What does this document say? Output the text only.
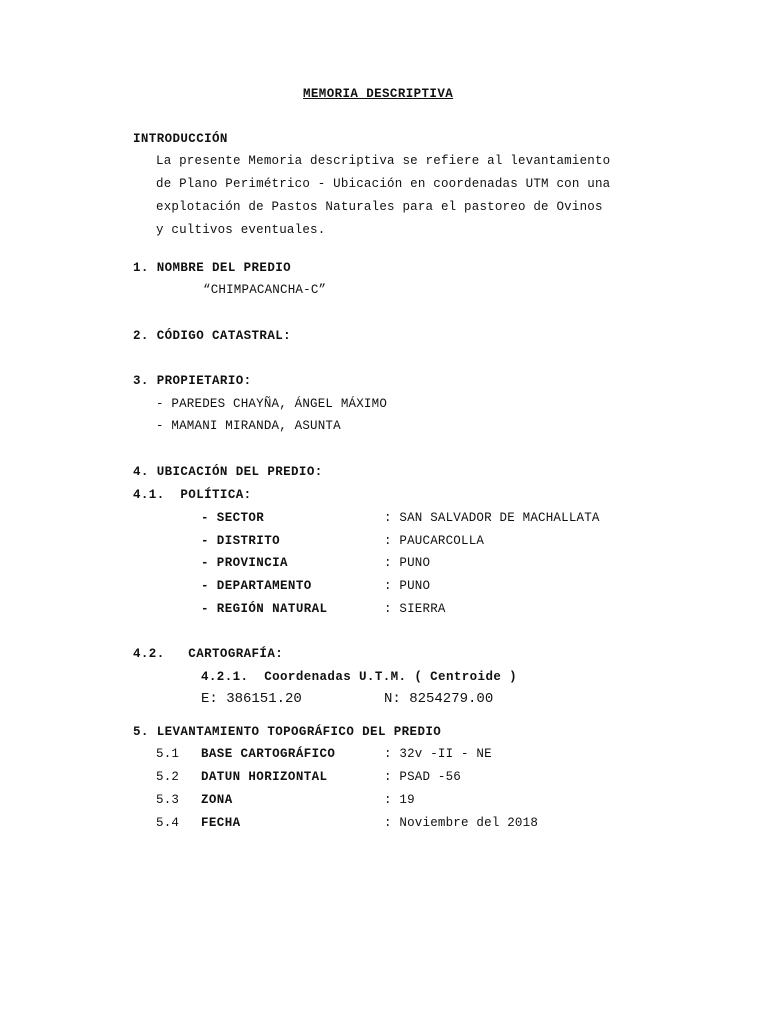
MEMORIA DESCRIPTIVA
INTRODUCCIÓN
La presente Memoria descriptiva se refiere al levantamiento
de Plano Perimétrico - Ubicación en coordenadas UTM con una
explotación de Pastos Naturales para el pastoreo de Ovinos
y cultivos eventuales.
1. NOMBRE DEL PREDIO
“CHIMPACANCHA-C”
2. CÓDIGO CATASTRAL:
3. PROPIETARIO:
- PAREDES CHAYÑA, ÁNGEL MÁXIMO
- MAMANI MIRANDA, ASUNTA
4. UBICACIÓN DEL PREDIO:
4.1.  POLÍTICA:
- SECTOR	: SAN SALVADOR DE MACHALLATA
- DISTRITO	: PAUCARCOLLA
- PROVINCIA	: PUNO
- DEPARTAMENTO	: PUNO
- REGIÓN NATURAL	: SIERRA
4.2.   CARTOGRAFÍA:
4.2.1.  Coordenadas U.T.M. ( Centroide )
E: 386151.20	N: 8254279.00
5. LEVANTAMIENTO TOPOGRÁFICO DEL PREDIO
5.1 BASE CARTOGRÁFICO	: 32v -II - NE
5.2 DATUN HORIZONTAL	: PSAD -56
5.3 ZONA	: 19
5.4 FECHA	: Noviembre del 2018
